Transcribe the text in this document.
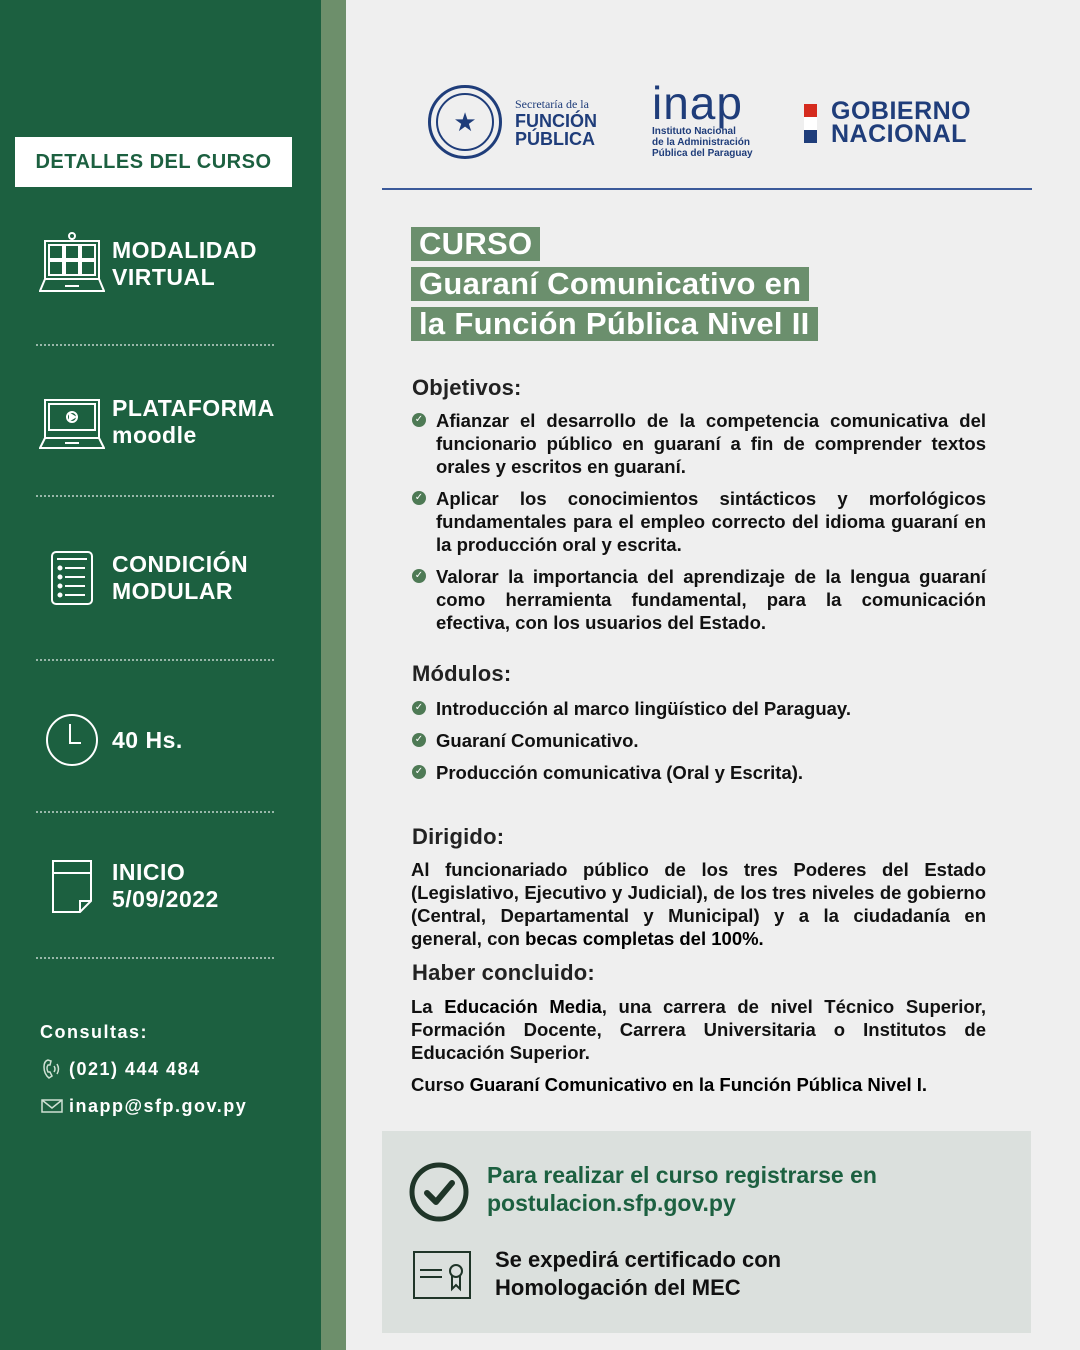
DETALLES DEL CURSO
MODALIDAD
VIRTUAL
PLATAFORMA
moodle
CONDICIÓN
MODULAR
40 Hs.
INICIO
5/09/2022
Consultas:
(021) 444 484
inapp@sfp.gov.py
★
Secretaría de la
FUNCIÓN
PÚBLICA
inap
Instituto Nacional
de la Administración
Pública del Paraguay
GOBIERNO
NACIONAL
CURSO
Guaraní Comunicativo en
la Función Pública Nivel II
Objetivos:
✓ Afianzar el desarrollo de la competencia comunicativa del funcionario público en guaraní a fin de comprender textos orales y escritos en guaraní.
✓ Aplicar los conocimientos sintácticos y morfológicos fundamentales para el empleo correcto del idioma guaraní en la producción oral y escrita.
✓ Valorar la importancia del aprendizaje de la lengua guaraní como herramienta fundamental, para la comunicación efectiva, con los usuarios del Estado.
Módulos:
✓ Introducción al marco lingüístico del Paraguay.
✓ Guaraní Comunicativo.
✓ Producción comunicativa (Oral y Escrita).
Dirigido:
Al funcionariado público de los tres Poderes del Estado (Legislativo, Ejecutivo y Judicial), de los tres niveles de gobierno (Central, Departamental y Municipal) y a la ciudadanía en general, con becas completas del 100%.
Haber concluido:
La Educación Media, una carrera de nivel Técnico Superior, Formación Docente, Carrera Universitaria o Institutos de Educación Superior.
Curso Guaraní Comunicativo en la Función Pública Nivel I.
Para realizar el curso registrarse en
postulacion.sfp.gov.py
Se expedirá certificado con
Homologación del MEC
